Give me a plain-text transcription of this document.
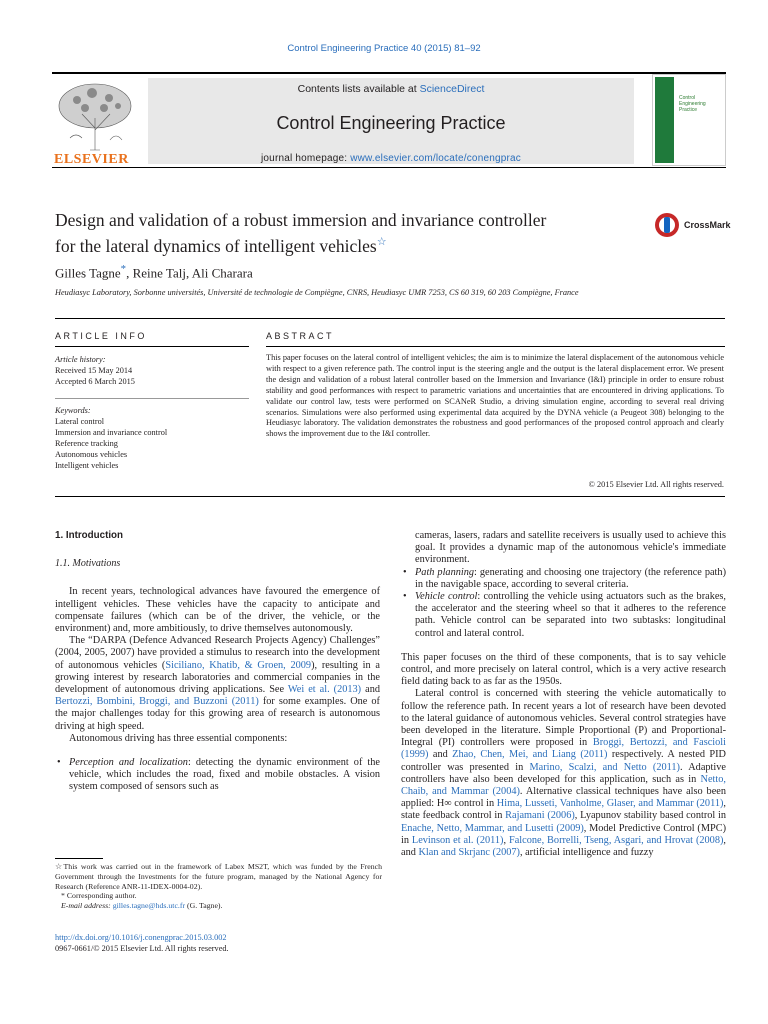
Control Engineering Practice 40 (2015) 81–92
ELSEVIER
Contents lists available at ScienceDirect
Control Engineering Practice
journal homepage: www.elsevier.com/locate/conengprac
Control
Engineering
Practice
Design and validation of a robust immersion and invariance controller
for the lateral dynamics of intelligent vehicles☆
CrossMark
Gilles Tagne*, Reine Talj, Ali Charara
Heudiasyc Laboratory, Sorbonne universités, Université de technologie de Compiègne, CNRS, Heudiasyc UMR 7253, CS 60 319, 60 203 Compiègne, France
ARTICLE INFO	ABSTRACT
Article history:
Received 15 May 2014
Accepted 6 March 2015
Keywords:
Lateral control
Immersion and invariance control
Reference tracking
Autonomous vehicles
Intelligent vehicles
This paper focuses on the lateral control of intelligent vehicles; the aim is to minimize the lateral displacement of the autonomous vehicle with respect to a given reference path. The control input is the steering angle and the output is the lateral displacement error. We present the design and validation of a robust lateral controller based on the Immersion and Invariance (I&I) principle in order to ensure robust stability and good performances with respect to parametric variations and uncertainties that are encountered in driving applications. To validate our control law, tests were performed on SCANeR Studio, a driving simulation engine, according to several real driving scenarios. Simulations were also performed using experimental data acquired by the DYNA vehicle (a Peugeot 308) belonging to the Heudiasyc laboratory. The validation demonstrates the robustness and good performances of the proposed control approach and clearly shows the improvement due to the I&I controller.
© 2015 Elsevier Ltd. All rights reserved.

1. Introduction

1.1. Motivations

In recent years, technological advances have favoured the emergence of intelligent vehicles. These vehicles have the capacity to anticipate and compensate failures (which can be of the driver, the vehicle, or the environment) and, more ambitiously, to drive themselves autonomously.

The “DARPA (Defence Advanced Research Projects Agency) Challenges” (2004, 2005, 2007) have provided a stimulus to research into the development of autonomous vehicles (Siciliano, Khatib, & Groen, 2009), resulting in a growing interest by research laboratories and commercial companies in the development of autonomous driving applications. See Wei et al. (2013) and Bertozzi, Bombini, Broggi, and Buzzoni (2011) for some examples. One of the major challenges today for this growing area of research is autonomous driving at high speed.

Autonomous driving has three essential components:

• Perception and localization: detecting the dynamic environment of the vehicle, which includes the road, fixed and mobile obstacles. A vision system composed of sensors such as

cameras, lasers, radars and satellite receivers is usually used to achieve this goal. It provides a dynamic map of the autonomous vehicle's immediate environment.

• Path planning: generating and choosing one trajectory (the reference path) in the navigable space, according to several criteria.

• Vehicle control: controlling the vehicle using actuators such as the brakes, the accelerator and the steering wheel so that it adheres to the reference path. Vehicle control can be separated into two subtasks: longitudinal control and lateral control.

This paper focuses on the third of these components, that is to say vehicle control, and more precisely on lateral control, which is a very active research field dating back to as far as the 1950s.

Lateral control is concerned with steering the vehicle automatically to follow the reference path. In recent years a lot of research have been devoted to the lateral guidance of autonomous vehicles. Several control strategies have been developed in the literature. Simple Proportional (P) and Proportional-Integral (PI) controllers were proposed in Broggi, Bertozzi, and Fascioli (1999) and Zhao, Chen, Mei, and Liang (2011) respectively. A nested PID controller was presented in Marino, Scalzi, and Netto (2011). Adaptive controllers have also been developed for this application, such as in Netto, Chaib, and Mammar (2004). Alternative classical techniques have also been applied: H∞ control in Hima, Lusseti, Vanholme, Glaser, and Mammar (2011), state feedback control in Rajamani (2006), Lyapunov stability based control in Enache, Netto, Mammar, and Lusetti (2009), Model Predictive Control (MPC) in Levinson et al. (2011), Falcone, Borrelli, Tseng, Asgari, and Hrovat (2008), and Klan and Skrjanc (2007), artificial intelligence and fuzzy

☆This work was carried out in the framework of Labex MS2T, which was funded by the French Government through the Investments for the future program, managed by the National Agency for Research (Reference ANR-11-IDEX-0004-02).

* Corresponding author.

E-mail address: gilles.tagne@hds.utc.fr (G. Tagne).

http://dx.doi.org/10.1016/j.conengprac.2015.03.002
0967-0661/© 2015 Elsevier Ltd. All rights reserved.
